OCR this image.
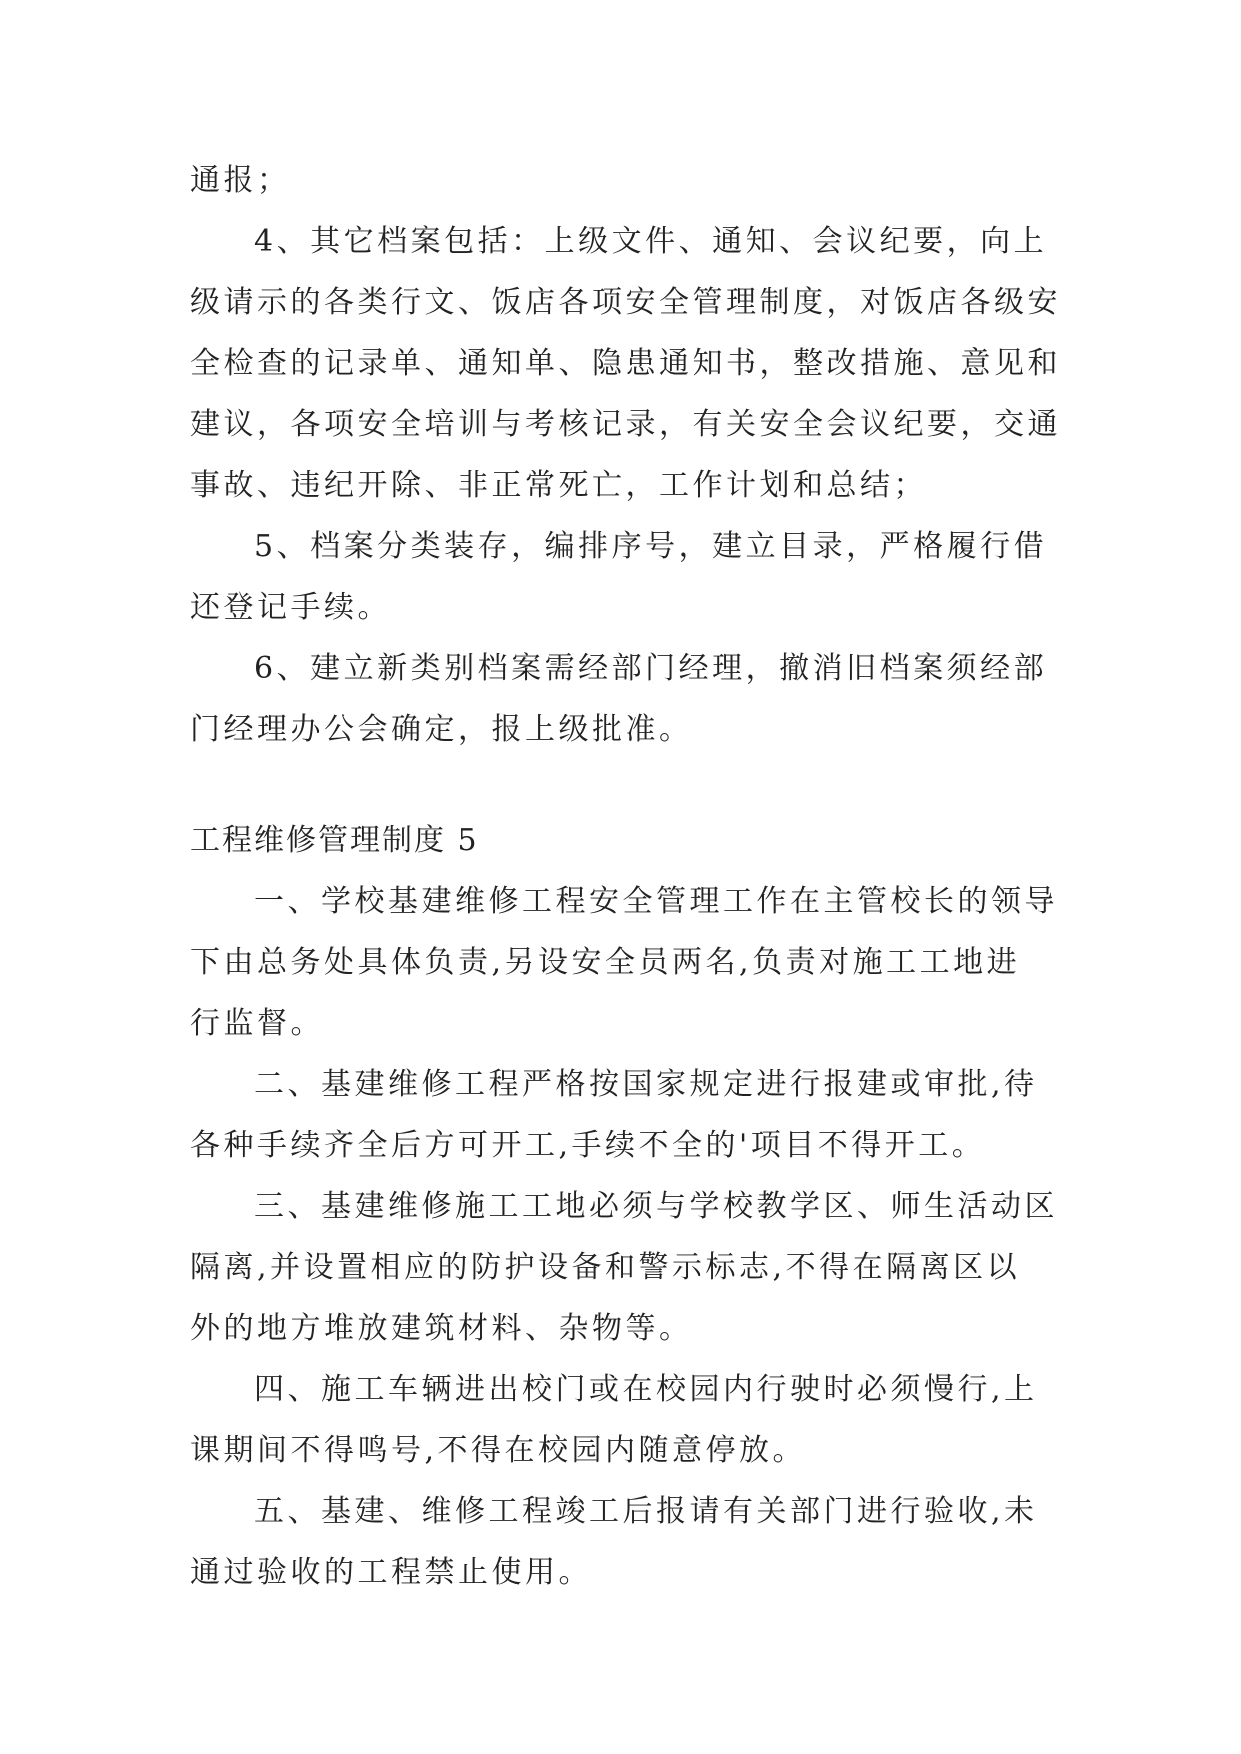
通报；
4、其它档案包括：上级文件、通知、会议纪要，向上
级请示的各类行文、饭店各项安全管理制度，对饭店各级安
全检查的记录单、通知单、隐患通知书，整改措施、意见和
建议，各项安全培训与考核记录，有关安全会议纪要，交通
事故、违纪开除、非正常死亡，工作计划和总结；
5、档案分类装存，编排序号，建立目录，严格履行借
还登记手续。
6、建立新类别档案需经部门经理，撤消旧档案须经部
门经理办公会确定，报上级批准。
工程维修管理制度 5
一、学校基建维修工程安全管理工作在主管校长的领导
下由总务处具体负责,另设安全员两名,负责对施工工地进
行监督。
二、基建维修工程严格按国家规定进行报建或审批,待
各种手续齐全后方可开工,手续不全的'项目不得开工。
三、基建维修施工工地必须与学校教学区、师生活动区
隔离,并设置相应的防护设备和警示标志,不得在隔离区以
外的地方堆放建筑材料、杂物等。
四、施工车辆进出校门或在校园内行驶时必须慢行,上
课期间不得鸣号,不得在校园内随意停放。
五、基建、维修工程竣工后报请有关部门进行验收,未
通过验收的工程禁止使用。
